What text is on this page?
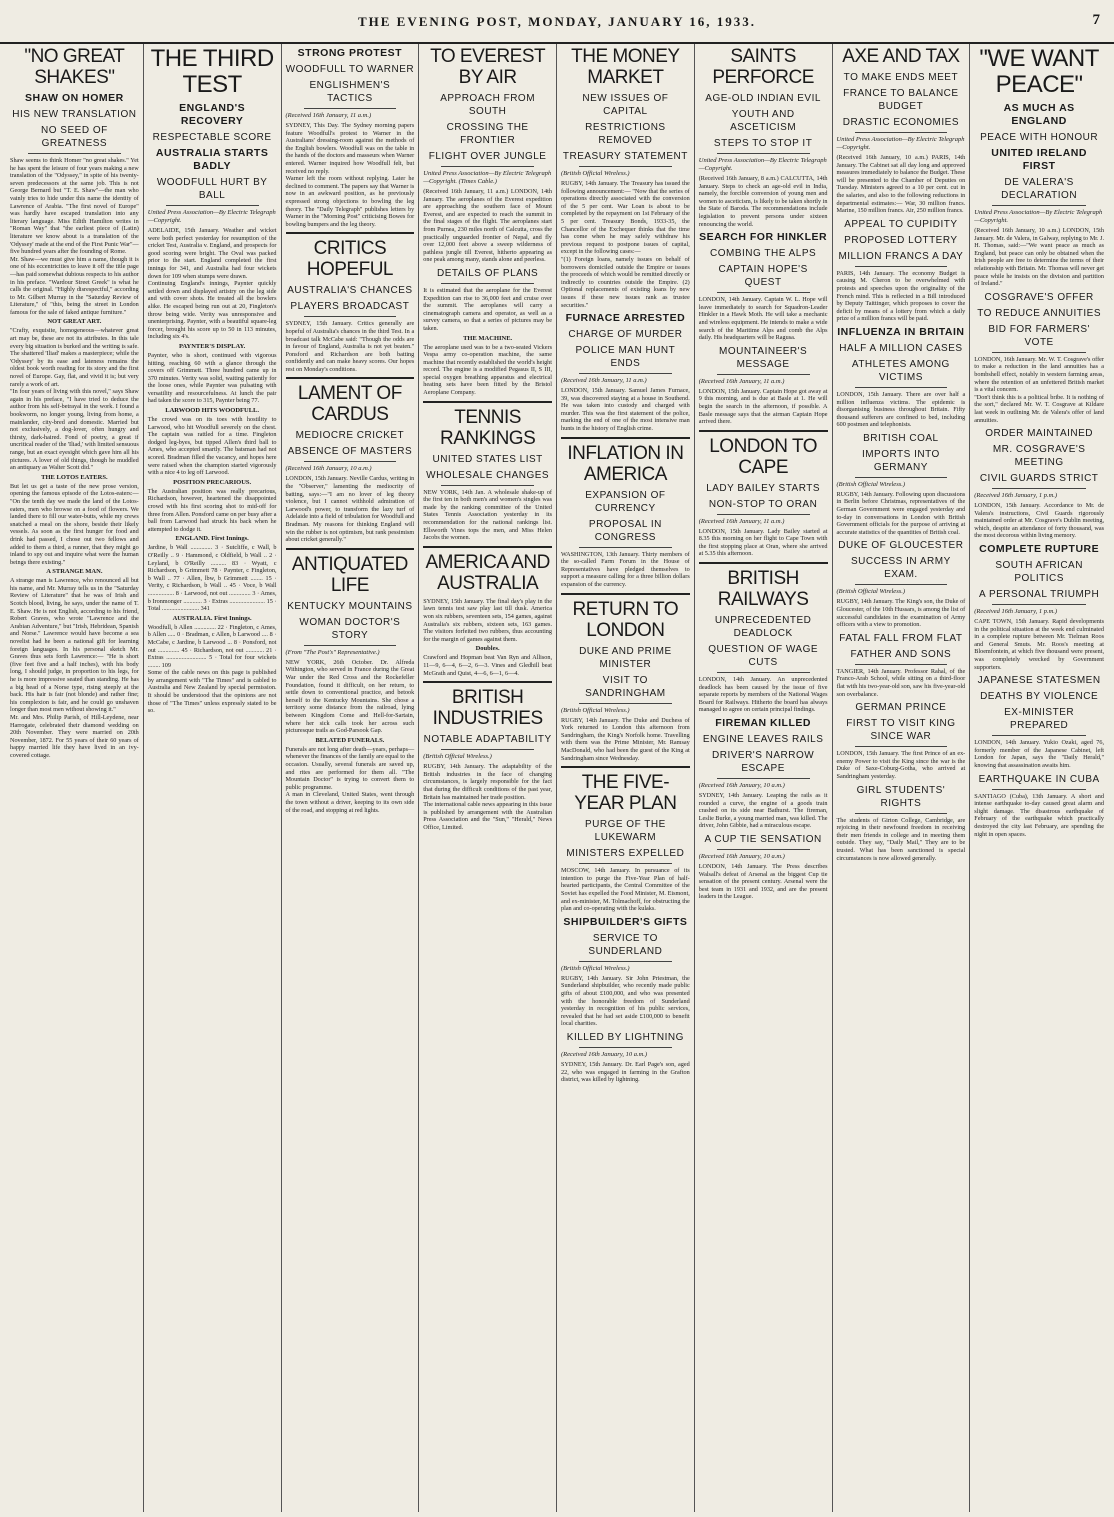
THE EVENING POST, MONDAY, JANUARY 16, 1933.	7
"NO GREAT SHAKES"
SHAW ON HOMER
HIS NEW TRANSLATION
NO SEED OF GREATNESS

Shaw seems to think Homer "no great shakes." Yet he has spent the leisure of four years making a new translation of the "Odyssey," in spite of his twenty-seven predecessors at the same job. This is not George Bernard but "T. E. Shaw"—the man who vainly tries to hide under this name the identity of Lawrence of Arabia. "The first novel of Europe" was hardly have escaped translation into any literary language. Miss Edith Hamilton writes in "Roman Way" that "the earliest piece of (Latin) literature we know about is a translation of the 'Odyssey' made at the end of the First Punic War"—five hundred years after the founding of Rome.

Mr. Shaw—we must give him a name, though it is one of his eccentricities to leave it off the title page—has paid somewhat dubious respects to his author in his preface. "Wardour Street Greek" is what he calls the original. "Highly disrespectful," according to Mr. Gilbert Murray in the "Saturday Review of Literature," of "this, being the street in London famous for the sale of faked antique furniture."

NOT GREAT ART.

"Crafty, exquisite, homogeneous—whatever great art may be, these are not its attributes. In this tale every big situation is burked and the writing is safe. The shattered 'Iliad' makes a masterpiece; while the 'Odyssey' by its ease and lateness remains the oldest book worth reading for its story and the first novel of Europe. Gay, flat, and vivid it is; but very rarely a work of art.

"In four years of living with this novel," says Shaw again in his preface, "I have tried to deduce the author from his self-betrayal in the work. I found a bookworm, no longer young, living from home, a mainlander, city-bred and domestic. Married but not exclusively, a dog-lover, often hungry and thirsty, dark-haired. Fond of poetry, a great if uncritical reader of the 'Iliad,' with limited sensuous range, but an exact eyesight which gave him all his pictures. A lover of old things, though he muddled an antiquary as Walter Scott did."

THE LOTOS EATERS.

But let us get a taste of the new prose version, opening the famous episode of the Lotos-eaters:— "On the tenth day we made the land of the Lotos-eaters, men who browse on a food of flowers. We landed there to fill our water-butts, while my crews snatched a meal on the shore, beside their likely vessels. As soon as the first hunger for food and drink had passed, I chose out two fellows and added to them a third, a runner, that they might go inland to spy out and inquire what were the human beings there existing."

A STRANGE MAN.

A strange man is Lawrence, who renounced all but his name, and Mr. Murray tells us in the "Saturday Review of Literature" that he was of Irish and Scotch blood, living, he says, under the name of T. E. Shaw. He is not English, according to his friend, Robert Graves, who wrote "Lawrence and the Arabian Adventure," but "Irish, Hebridean, Spanish and Norse." Lawrence would have become a sea novelist had he been a national gift for learning foreign languages. In his personal sketch Mr. Graves thus sets forth Lawrence:— "He is short (five feet five and a half inches), with his body long, I should judge, in proportion to his legs, for he is more impressive seated than standing. He has a big head of a Norse type, rising steeply at the back. His hair is fair (not blonde) and rather fine; his complexion is fair, and he could go unshaven longer than most men without showing it."

Mr. and Mrs. Philip Parish, of Hill-Leydene, near Harrogate, celebrated their diamond wedding on 20th November. They were married on 20th November, 1872. For 55 years of their 60 years of happy married life they have lived in an ivy-covered cottage.

THE THIRD TEST
ENGLAND'S RECOVERY
RESPECTABLE SCORE
AUSTRALIA STARTS BADLY
WOODFULL HURT BY BALL
United Press Association—By Electric Telegraph—Copyright.

ADELAIDE, 15th January. Weather and wicket were both perfect yesterday for resumption of the cricket Test, Australia v. England, and prospects for good scoring were bright. The Oval was packed prior to the start. England completed the first innings for 341, and Australia had four wickets down for 109 when stumps were drawn.

Continuing England's innings, Paynter quickly settled down and displayed artistry on the leg side and with cover shots. He treated all the bowlers alike. He escaped being run out at 20, Fingleton's throw being wide. Verity was unresponsive and unenterprising. Paynter, with a beautiful square-leg forcer, brought his score up to 50 in 113 minutes, including six 4's.

PAYNTER'S DISPLAY.

Paynter, who is short, continued with vigorous hitting, reaching 60 with a glance through the covers off Grimmett. Three hundred came up in 370 minutes. Verity was solid, waiting patiently for the loose ones, while Paynter was pulsating with versatility and resourcefulness. At lunch the pair had taken the score to 315, Paynter being 77.

LARWOOD HITS WOODFULL.

The crowd was on its toes with hostility to Larwood, who hit Woodfull severely on the chest. The captain was rattled for a time. Fingleton dodged leg-byes, but tipped Allen's third ball to Ames, who accepted smartly. The batsman had not scored. Bradman filled the vacancy, and hopes here were raised when the champion started vigorously with a nice 4 to leg off Larwood.

POSITION PRECARIOUS.

The Australian position was really precarious, Richardson, however, heartened the disappointed crowd with his first scoring shot to mid-off for three from Allen. Ponsford came on per busy after a ball from Larwood had struck his back when he attempted to dodge it.

ENGLAND. First Innings.

Jardine, b Wall .............. 3 · Sutcliffe, c Wall, b O'Reilly .. 9 · Hammond, c Oldfield, b Wall .. 2 · Leyland, b O'Reilly .......... 83 · Wyatt, c Richardson, b Grimmett 78 · Paynter, c Fingleton, b Wall .. 77 · Allen, lbw, b Grimmett ........ 15 · Verity, c Richardson, b Wall .. 45 · Voce, b Wall ................. 8 · Larwood, not out .............. 3 · Ames, b Ironmonger ............ 3 · Extras ....................... 15 · Total ........................ 341

AUSTRALIA. First Innings.

Woodfull, b Allen .............. 22 · Fingleton, c Ames, b Allen ..... 0 · Bradman, c Allen, b Larwood .... 8 · McCabe, c Jardine, b Larwood ... 8 · Ponsford, not out .............. 45 · Richardson, not out ............ 21 · Extras .......................... 5 · Total for four wickets ........ 109

Some of the cable news on this page is published by arrangement with "The Times" and is cabled to Australia and New Zealand by special permission. It should be understood that the opinions are not those of "The Times" unless expressly stated to be so.

STRONG PROTEST
WOODFULL TO WARNER
ENGLISHMEN'S TACTICS
(Received 16th January, 11 a.m.)

SYDNEY, This Day. The Sydney morning papers feature Woodfull's protest to Warner in the Australians' dressing-room against the methods of the English bowlers. Woodfull was on the table in the hands of the doctors and masseurs when Warner entered. Warner inquired how Woodfull felt, but received no reply.

Warner left the room without replying. Later he declined to comment. The papers say that Warner is now in an awkward position, as he previously expressed strong objections to bowling the leg theory. The "Daily Telegraph" publishes letters by Warner in the "Morning Post" criticising Bowes for bowling bumpers and the leg theory.

CRITICS HOPEFUL
AUSTRALIA'S CHANCES
PLAYERS BROADCAST

SYDNEY, 15th January. Critics generally are hopeful of Australia's chances in the third Test. In a broadcast talk McCabe said: "Though the odds are in favour of England, Australia is not yet beaten." Ponsford and Richardson are both batting confidently and can make heavy scores. Our hopes rest on Monday's conditions.

LAMENT OF CARDUS
MEDIOCRE CRICKET
ABSENCE OF MASTERS
(Received 16th January, 10 a.m.)

LONDON, 15th January. Neville Cardus, writing in the "Observer," lamenting the mediocrity of batting, says:—"I am no lover of leg theory violence, but I cannot withhold admiration of Larwood's power, to transform the lazy turf of Adelaide into a field of tribulation for Woodfull and Bradman. My reasons for thinking England will win the rubber is not optimism, but rank pessimism about cricket generally."

ANTIQUATED LIFE
KENTUCKY MOUNTAINS
WOMAN DOCTOR'S STORY
(From "The Post's" Representative.)

NEW YORK, 26th October. Dr. Alfreda Withington, who served in France during the Great War under the Red Cross and the Rockefeller Foundation, found it difficult, on her return, to settle down to conventional practice, and betook herself to the Kentucky Mountains. She chose a territory some distance from the railroad, lying between Kingdom Come and Hell-for-Sartain, where her sick calls took her across such picturesque trails as God-Parsook Gap.

BELATED FUNERALS.

Funerals are not long after death—years, perhaps—whenever the finances of the family are equal to the occasion. Usually, several funerals are saved up, and rites are performed for them all. "The Mountain Doctor" is trying to convert them to public programme.

A man in Cleveland, United States, went through the town without a driver, keeping to its own side of the road, and stopping at red lights.

TO EVEREST BY AIR
APPROACH FROM SOUTH
CROSSING THE FRONTIER
FLIGHT OVER JUNGLE
United Press Association—By Electric Telegraph—Copyright. (Times Cable.)

(Received 16th January, 11 a.m.) LONDON, 14th January. The aeroplanes of the Everest expedition are approaching the southern face of Mount Everest, and are expected to reach the summit in the final stages of the flight. The aeroplanes start from Purnea, 230 miles north of Calcutta, cross the practically unguarded frontier of Nepal, and fly over 12,000 feet above a sweep wilderness of pathless jungle till Everest, hitherto appearing as one peak among many, stands alone and peerless.

DETAILS OF PLANS

It is estimated that the aeroplane for the Everest Expedition can rise to 36,000 feet and cruise over the summit. The aeroplanes will carry a cinematograph camera and operator, as well as a survey camera, so that a series of pictures may be taken.

THE MACHINE.

The aeroplane used was to be a two-seated Vickers Vespa army co-operation machine, the same machine that recently established the world's height record. The engine is a modified Pegasus II, S III, special oxygen breathing apparatus and electrical heating sets have been fitted by the Bristol Aeroplane Company.

TENNIS RANKINGS
UNITED STATES LIST
WHOLESALE CHANGES

NEW YORK, 14th Jan. A wholesale shake-up of the first ten in both men's and women's singles was made by the ranking committee of the United States Tennis Association yesterday in its recommendation for the national rankings list. Ellsworth Vines tops the men, and Miss Helen Jacobs the women.

AMERICA AND AUSTRALIA

SYDNEY, 15th January. The final day's play in the lawn tennis test saw play last till dusk. America won six rubbers, seventeen sets, 154 games, against Australia's six rubbers, sixteen sets, 163 games. The visitors forfeited two rubbers, thus accounting for the margin of games against them.

Doubles.

Crawford and Hopman beat Van Ryn and Allison, 11—9, 6—4, 6—2, 6—3. Vines and Gledhill beat McGrath and Quist, 4—6, 6—1, 6—4.

BRITISH INDUSTRIES
NOTABLE ADAPTABILITY
(British Official Wireless.)

RUGBY, 14th January. The adaptability of the British industries in the face of changing circumstances, is largely responsible for the fact that during the difficult conditions of the past year, Britain has maintained her trade position.

The international cable news appearing in this issue is published by arrangement with the Australian Press Association and the "Sun," "Herald," News Office, Limited.

THE MONEY MARKET
NEW ISSUES OF CAPITAL
RESTRICTIONS REMOVED
TREASURY STATEMENT
(British Official Wireless.)

RUGBY, 14th January. The Treasury has issued the following announcement:— "Now that the series of operations directly associated with the conversion of the 5 per cent. War Loan is about to be completed by the repayment on 1st February of the 5 per cent. Treasury Bonds, 1933-35, the Chancellor of the Exchequer thinks that the time has come when he may safely withdraw his previous request to postpone issues of capital, except in the following cases:—

"(1) Foreign loans, namely issues on behalf of borrowers domiciled outside the Empire or issues the proceeds of which would be remitted directly or indirectly to countries outside the Empire. (2) Optional replacements of existing loans by new issues if these new issues rank as trustee securities."

FURNACE ARRESTED
CHARGE OF MURDER
POLICE MAN HUNT ENDS
(Received 16th January, 11 a.m.)

LONDON, 15th January. Samuel James Furnace, 39, was discovered staying at a house in Southend. He was taken into custody and charged with murder. This was the first statement of the police, marking the end of one of the most intensive man hunts in the history of English crime.

INFLATION IN AMERICA
EXPANSION OF CURRENCY
PROPOSAL IN CONGRESS

WASHINGTON, 13th January. Thirty members of the so-called Farm Forum in the House of Representatives have pledged themselves to support a measure calling for a three billion dollars expansion of the currency.

RETURN TO LONDON
DUKE AND PRIME MINISTER
VISIT TO SANDRINGHAM
(British Official Wireless.)

RUGBY, 14th January. The Duke and Duchess of York returned to London this afternoon from Sandringham, the King's Norfolk home. Travelling with them was the Prime Minister, Mr. Ramsay MacDonald, who had been the guest of the King at Sandringham since Wednesday.

THE FIVE-YEAR PLAN
PURGE OF THE LUKEWARM
MINISTERS EXPELLED

MOSCOW, 14th January. In pursuance of its intention to purge the Five-Year Plan of half-hearted participants, the Central Committee of the Soviet has expelled the Food Minister, M. Eismont, and ex-minister, M. Tolmachoff, for obstructing the plan and co-operating with the kulaks.

SHIPBUILDER'S GIFTS
SERVICE TO SUNDERLAND
(British Official Wireless.)

RUGBY, 14th January. Sir John Priestman, the Sunderland shipbuilder, who recently made public gifts of about £100,000, and who was presented with the honorable freedom of Sunderland yesterday in recognition of his public services, revealed that he had set aside £100,000 to benefit local charities.

KILLED BY LIGHTNING
(Received 16th January, 10 a.m.)

SYDNEY, 15th January. Dr. Earl Page's son, aged 22, who was engaged in farming in the Grafton district, was killed by lightning.

SAINTS PERFORCE
AGE-OLD INDIAN EVIL
YOUTH AND ASCETICISM
STEPS TO STOP IT
United Press Association—By Electric Telegraph—Copyright.

(Received 16th January, 8 a.m.) CALCUTTA, 14th January. Steps to check an age-old evil in India, namely, the forcible conversion of young men and women to asceticism, is likely to be taken shortly in the State of Baroda. The recommendations include legislation to prevent persons under sixteen renouncing the world.

SEARCH FOR HINKLER
COMBING THE ALPS
CAPTAIN HOPE'S QUEST

LONDON, 14th January. Captain W. L. Hope will leave immediately to search for Squadron-Leader Hinkler in a Hawk Moth. He will take a mechanic and wireless equipment. He intends to make a wide search of the Maritime Alps and comb the Alps daily. His headquarters will be Ragusa.

MOUNTAINEER'S MESSAGE
(Received 16th January, 11 a.m.)

LONDON, 15th January. Captain Hope got away at 9 this morning, and is due at Basle at 1. He will begin the search in the afternoon, if possible. A Basle message says that the airman Captain Hope arrived there.

LONDON TO CAPE
LADY BAILEY STARTS
NON-STOP TO ORAN
(Received 16th January, 11 a.m.)

LONDON, 15th January. Lady Bailey started at 8.35 this morning on her flight to Cape Town with the first stopping place at Oran, where she arrived at 5.35 this afternoon.

BRITISH RAILWAYS
UNPRECEDENTED DEADLOCK
QUESTION OF WAGE CUTS

LONDON, 14th January. An unprecedented deadlock has been caused by the issue of five separate reports by members of the National Wages Board for Railways. Hitherto the board has always managed to agree on certain principal findings.

FIREMAN KILLED
ENGINE LEAVES RAILS
DRIVER'S NARROW ESCAPE
(Received 16th January, 10 a.m.)

SYDNEY, 14th January. Leaping the rails as it rounded a curve, the engine of a goods train crashed on its side near Bathurst. The fireman, Leslie Burke, a young married man, was killed. The driver, John Gibbie, had a miraculous escape.

A CUP TIE SENSATION
(Received 16th January, 10 a.m.)

LONDON, 14th January. The Press describes Walsall's defeat of Arsenal as the biggest Cup tie sensation of the present century. Arsenal were the best team in 1931 and 1932, and are the present leaders in the League.

AXE AND TAX
TO MAKE ENDS MEET
FRANCE TO BALANCE BUDGET
DRASTIC ECONOMIES
United Press Association—By Electric Telegraph—Copyright.

(Received 16th January, 10 a.m.) PARIS, 14th January. The Cabinet sat all day long and approved measures immediately to balance the Budget. These will be presented to the Chamber of Deputies on Tuesday. Ministers agreed to a 10 per cent. cut in the salaries, and also to the following reductions in departmental estimates:— War, 30 million francs. Marine, 150 million francs. Air, 250 million francs.

APPEAL TO CUPIDITY
PROPOSED LOTTERY
MILLION FRANCS A DAY

PARIS, 14th January. The economy Budget is causing M. Cheron to be overwhelmed with protests and speeches upon the originality of the French mind. This is reflected in a Bill introduced by Deputy Taittinger, which proposes to cover the deficit by means of a lottery from which a daily prize of a million francs will be paid.

INFLUENZA IN BRITAIN
HALF A MILLION CASES
ATHLETES AMONG VICTIMS

LONDON, 15th January. There are over half a million influenza victims. The epidemic is disorganising business throughout Britain. Fifty thousand sufferers are confined to bed, including 600 postmen and telephonists.

BRITISH COAL
IMPORTS INTO GERMANY
(British Official Wireless.)

RUGBY, 14th January. Following upon discussions in Berlin before Christmas, representatives of the German Government were engaged yesterday and to-day in conversations in London with British Government officials for the purpose of arriving at accurate statistics of the quantities of British coal.

DUKE OF GLOUCESTER
SUCCESS IN ARMY EXAM.
(British Official Wireless.)

RUGBY, 14th January. The King's son, the Duke of Gloucester, of the 10th Hussars, is among the list of successful candidates in the examination of Army officers with a view to promotion.

FATAL FALL FROM FLAT
FATHER AND SONS

TANGIER, 14th January. Professor Rahal, of the Franco-Arab School, while sitting on a third-floor flat with his two-year-old son, saw his five-year-old son overbalance.

GERMAN PRINCE
FIRST TO VISIT KING SINCE WAR

LONDON, 15th January. The first Prince of an ex-enemy Power to visit the King since the war is the Duke of Saxe-Coburg-Gotha, who arrived at Sandringham yesterday.

GIRL STUDENTS' RIGHTS

The students of Girton College, Cambridge, are rejoicing in their newfound freedom in receiving their men friends in college and in meeting them outside. They say, "Daily Mail," They are to be trusted. What has been sanctioned is special circumstances is now allowed generally.

"WE WANT PEACE"
AS MUCH AS ENGLAND
PEACE WITH HONOUR
UNITED IRELAND FIRST
DE VALERA'S DECLARATION
United Press Association—By Electric Telegraph—Copyright.

(Received 16th January, 10 a.m.) LONDON, 15th January. Mr. de Valera, in Galway, replying to Mr. J. H. Thomas, said:—"We want peace as much as England, but peace can only be obtained when the Irish people are free to determine the terms of their relationship with Britain. Mr. Thomas will never get peace while he insists on the division and partition of Ireland."

COSGRAVE'S OFFER
TO REDUCE ANNUITIES
BID FOR FARMERS' VOTE

LONDON, 16th January. Mr. W. T. Cosgrave's offer to make a reduction in the land annuities has a bombshell effect, notably in western farming areas, where the retention of an unfettered British market is a vital concern.

"Don't think this is a political bribe. It is nothing of the sort," declared Mr. W. T. Cosgrave at Kildare last week in outlining Mr. de Valera's offer of land annuities.

ORDER MAINTAINED
MR. COSGRAVE'S MEETING
CIVIL GUARDS STRICT
(Received 16th January, 1 p.m.)

LONDON, 15th January. Accordance to Mr. de Valera's instructions, Civil Guards rigorously maintained order at Mr. Cosgrave's Dublin meeting, which, despite an attendance of forty thousand, was the most decorous within living memory.

COMPLETE RUPTURE
SOUTH AFRICAN POLITICS
A PERSONAL TRIUMPH
(Received 16th January, 1 p.m.)

CAPE TOWN, 15th January. Rapid developments in the political situation at the week end culminated in a complete rupture between Mr. Tielman Roos and General Smuts. Mr. Roos's meeting at Bloemfontein, at which five thousand were present, was completely wrecked by Government supporters.

JAPANESE STATESMEN
DEATHS BY VIOLENCE
EX-MINISTER PREPARED

LONDON, 14th January. Yukio Ozaki, aged 76, formerly member of the Japanese Cabinet, left London for Japan, says the "Daily Herald," knowing that assassination awaits him.

EARTHQUAKE IN CUBA

SANTIAGO (Cuba), 13th January. A short and intense earthquake to-day caused great alarm and slight damage. The disastrous earthquake of February of the earthquake which practically destroyed the city last February, are spending the night in open spaces.
